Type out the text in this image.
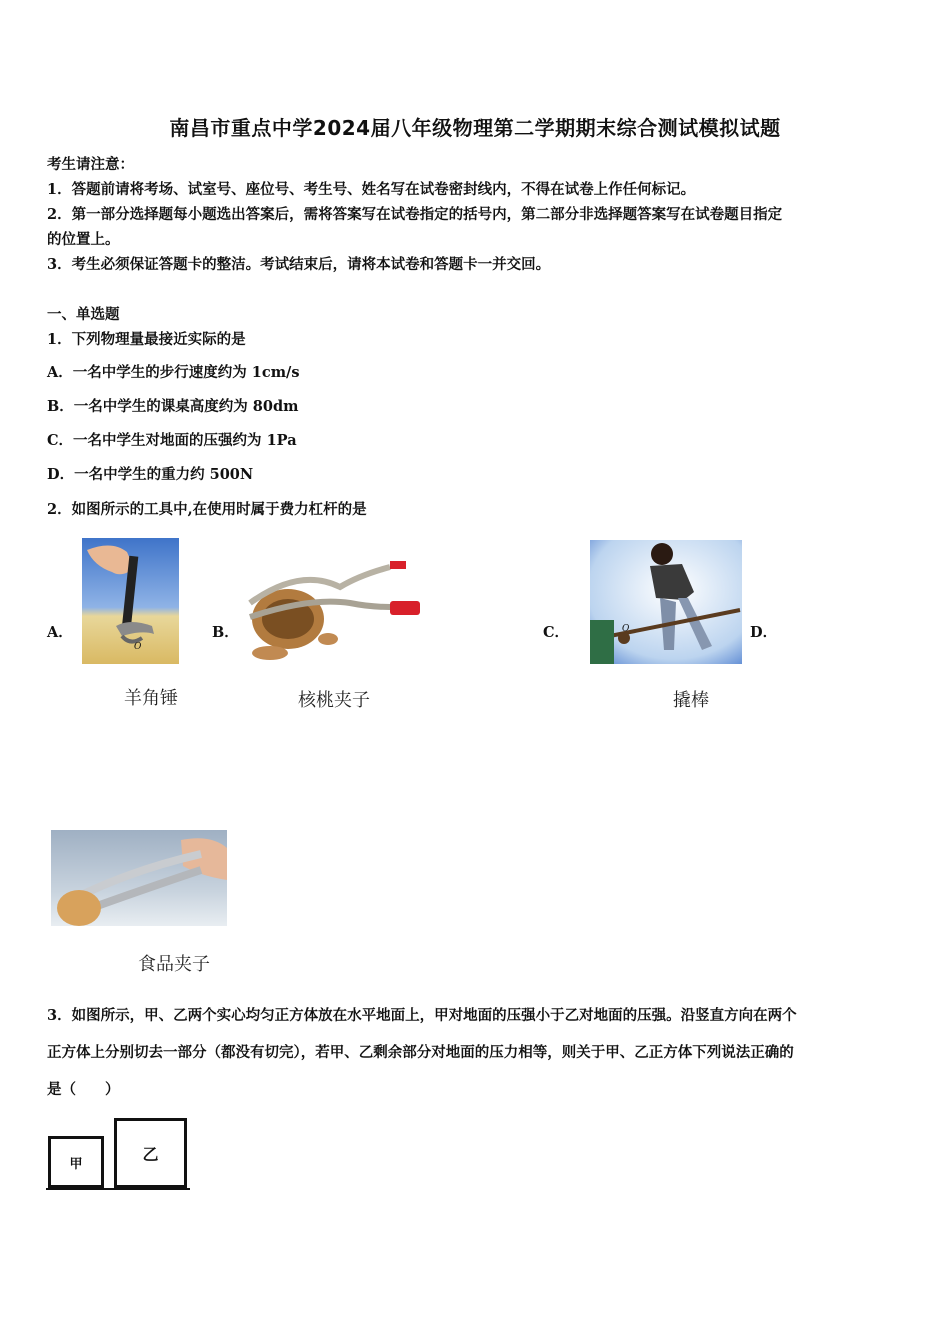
南昌市重点中学2024届八年级物理第二学期期末综合测试模拟试题
考生请注意：
1．答题前请将考场、试室号、座位号、考生号、姓名写在试卷密封线内，不得在试卷上作任何标记。
2．第一部分选择题每小题选出答案后，需将答案写在试卷指定的括号内，第二部分非选择题答案写在试卷题目指定
的位置上。
3．考生必须保证答题卡的整洁。考试结束后，请将本试卷和答题卡一并交回。
一、单选题
1．下列物理量最接近实际的是
A．一名中学生的步行速度约为 1cm/s
B．一名中学生的课桌高度约为 80dm
C．一名中学生对地面的压强约为 1Pa
D．一名中学生的重力约 500N
2．如图所示的工具中,在使用时属于费力杠杆的是
A．	B．	C．	D．
O
O
羊角锤	核桃夹子	撬棒
食品夹子
3．如图所示，甲、乙两个实心均匀正方体放在水平地面上，甲对地面的压强小于乙对地面的压强。沿竖直方向在两个
正方体上分别切去一部分（都没有切完），若甲、乙剩余部分对地面的压力相等，则关于甲、乙正方体下列说法正确的
是（　　）
甲
乙
